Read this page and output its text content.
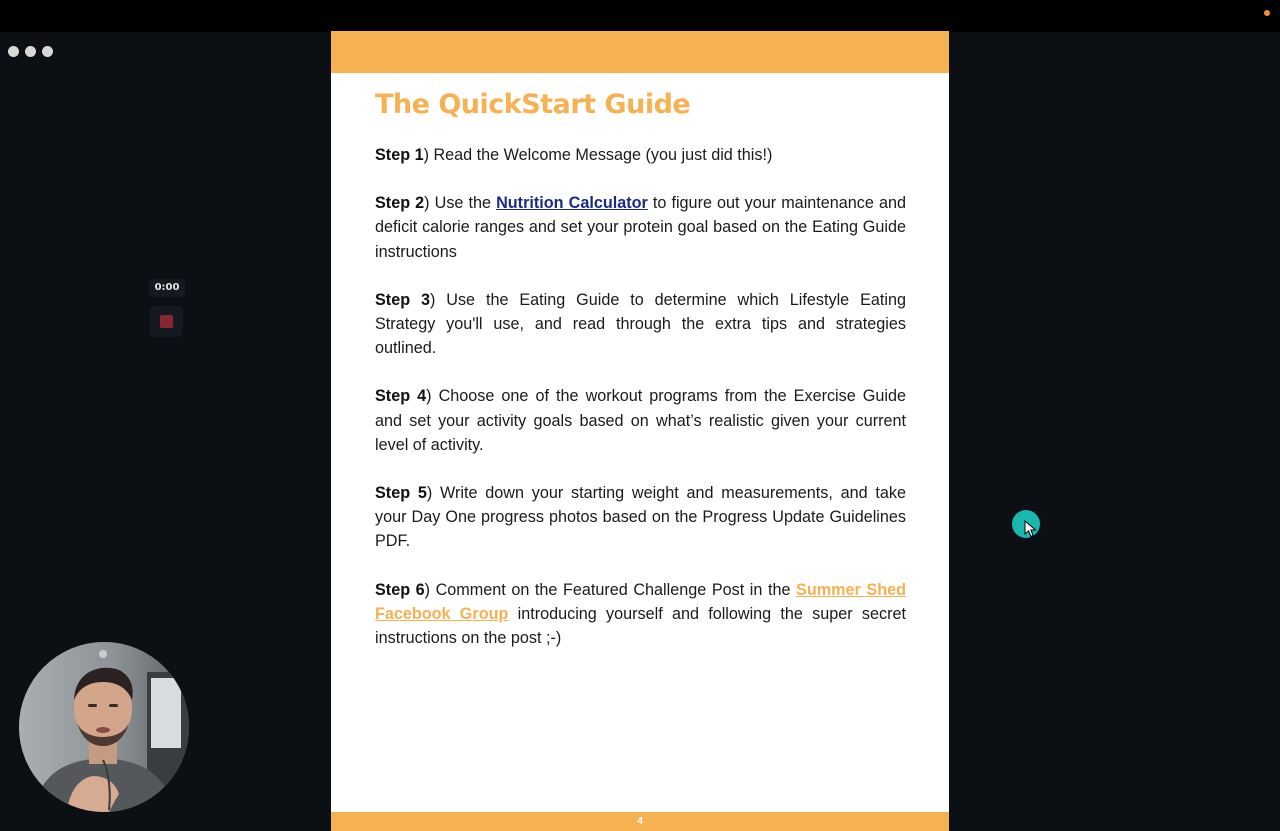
0:00
The QuickStart Guide

Step 1) Read the Welcome Message (you just did this!)

Step 2) Use the Nutrition Calculator to figure out your maintenance and deficit calorie ranges and set your protein goal based on the Eating Guide instructions

Step 3) Use the Eating Guide to determine which Lifestyle Eating Strategy you'll use, and read through the extra tips and strategies outlined.

Step 4) Choose one of the workout programs from the Exercise Guide and set your activity goals based on what’s realistic given your current level of activity.

Step 5) Write down your starting weight and measurements, and take your Day One progress photos based on the Progress Update Guidelines PDF.

Step 6) Comment on the Featured Challenge Post in the Summer Shed Facebook Group introducing yourself and following the super secret instructions on the post ;-)

4
